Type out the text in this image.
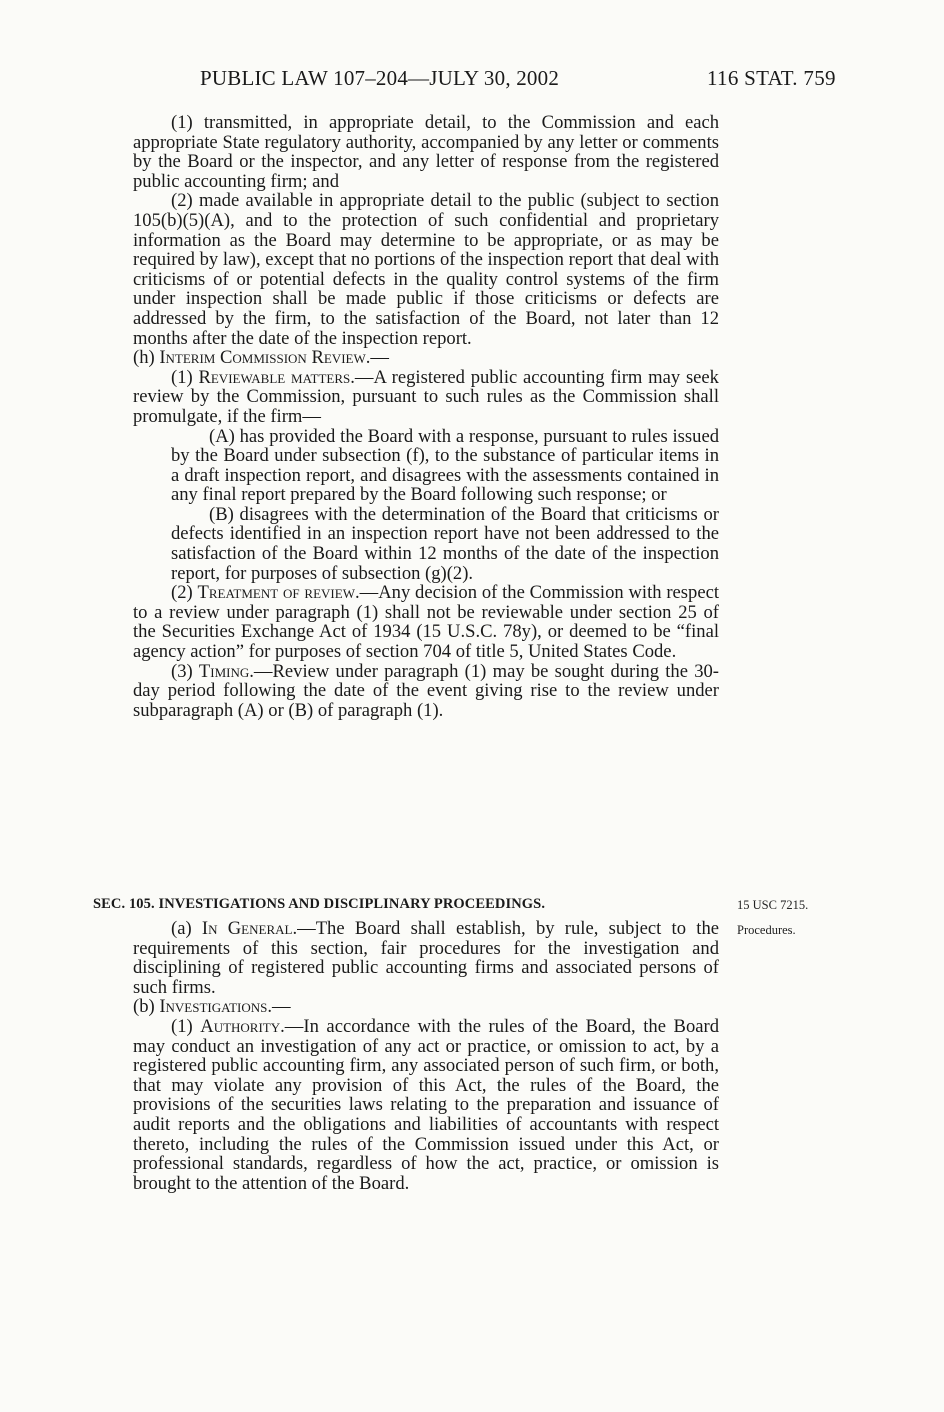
PUBLIC LAW 107–204—JULY 30, 2002	116 STAT. 759

(1) transmitted, in appropriate detail, to the Commission and each appropriate State regulatory authority, accompanied by any letter or comments by the Board or the inspector, and any letter of response from the registered public accounting firm; and

(2) made available in appropriate detail to the public (subject to section 105(b)(5)(A), and to the protection of such confidential and proprietary information as the Board may determine to be appropriate, or as may be required by law), except that no portions of the inspection report that deal with criticisms of or potential defects in the quality control systems of the firm under inspection shall be made public if those criticisms or defects are addressed by the firm, to the satisfaction of the Board, not later than 12 months after the date of the inspection report.

(h) Interim Commission Review.—

(1) Reviewable matters.—A registered public accounting firm may seek review by the Commission, pursuant to such rules as the Commission shall promulgate, if the firm—

(A) has provided the Board with a response, pursuant to rules issued by the Board under subsection (f), to the substance of particular items in a draft inspection report, and disagrees with the assessments contained in any final report prepared by the Board following such response; or

(B) disagrees with the determination of the Board that criticisms or defects identified in an inspection report have not been addressed to the satisfaction of the Board within 12 months of the date of the inspection report, for purposes of subsection (g)(2).

(2) Treatment of review.—Any decision of the Commission with respect to a review under paragraph (1) shall not be reviewable under section 25 of the Securities Exchange Act of 1934 (15 U.S.C. 78y), or deemed to be “final agency action” for purposes of section 704 of title 5, United States Code.

(3) Timing.—Review under paragraph (1) may be sought during the 30-day period following the date of the event giving rise to the review under subparagraph (A) or (B) of paragraph (1).

SEC. 105. INVESTIGATIONS AND DISCIPLINARY PROCEEDINGS.	15 USC 7215.
Procedures.

(a) In General.—The Board shall establish, by rule, subject to the requirements of this section, fair procedures for the investigation and disciplining of registered public accounting firms and associated persons of such firms.

(b) Investigations.—

(1) Authority.—In accordance with the rules of the Board, the Board may conduct an investigation of any act or practice, or omission to act, by a registered public accounting firm, any associated person of such firm, or both, that may violate any provision of this Act, the rules of the Board, the provisions of the securities laws relating to the preparation and issuance of audit reports and the obligations and liabilities of accountants with respect thereto, including the rules of the Commission issued under this Act, or professional standards, regardless of how the act, practice, or omission is brought to the attention of the Board.
